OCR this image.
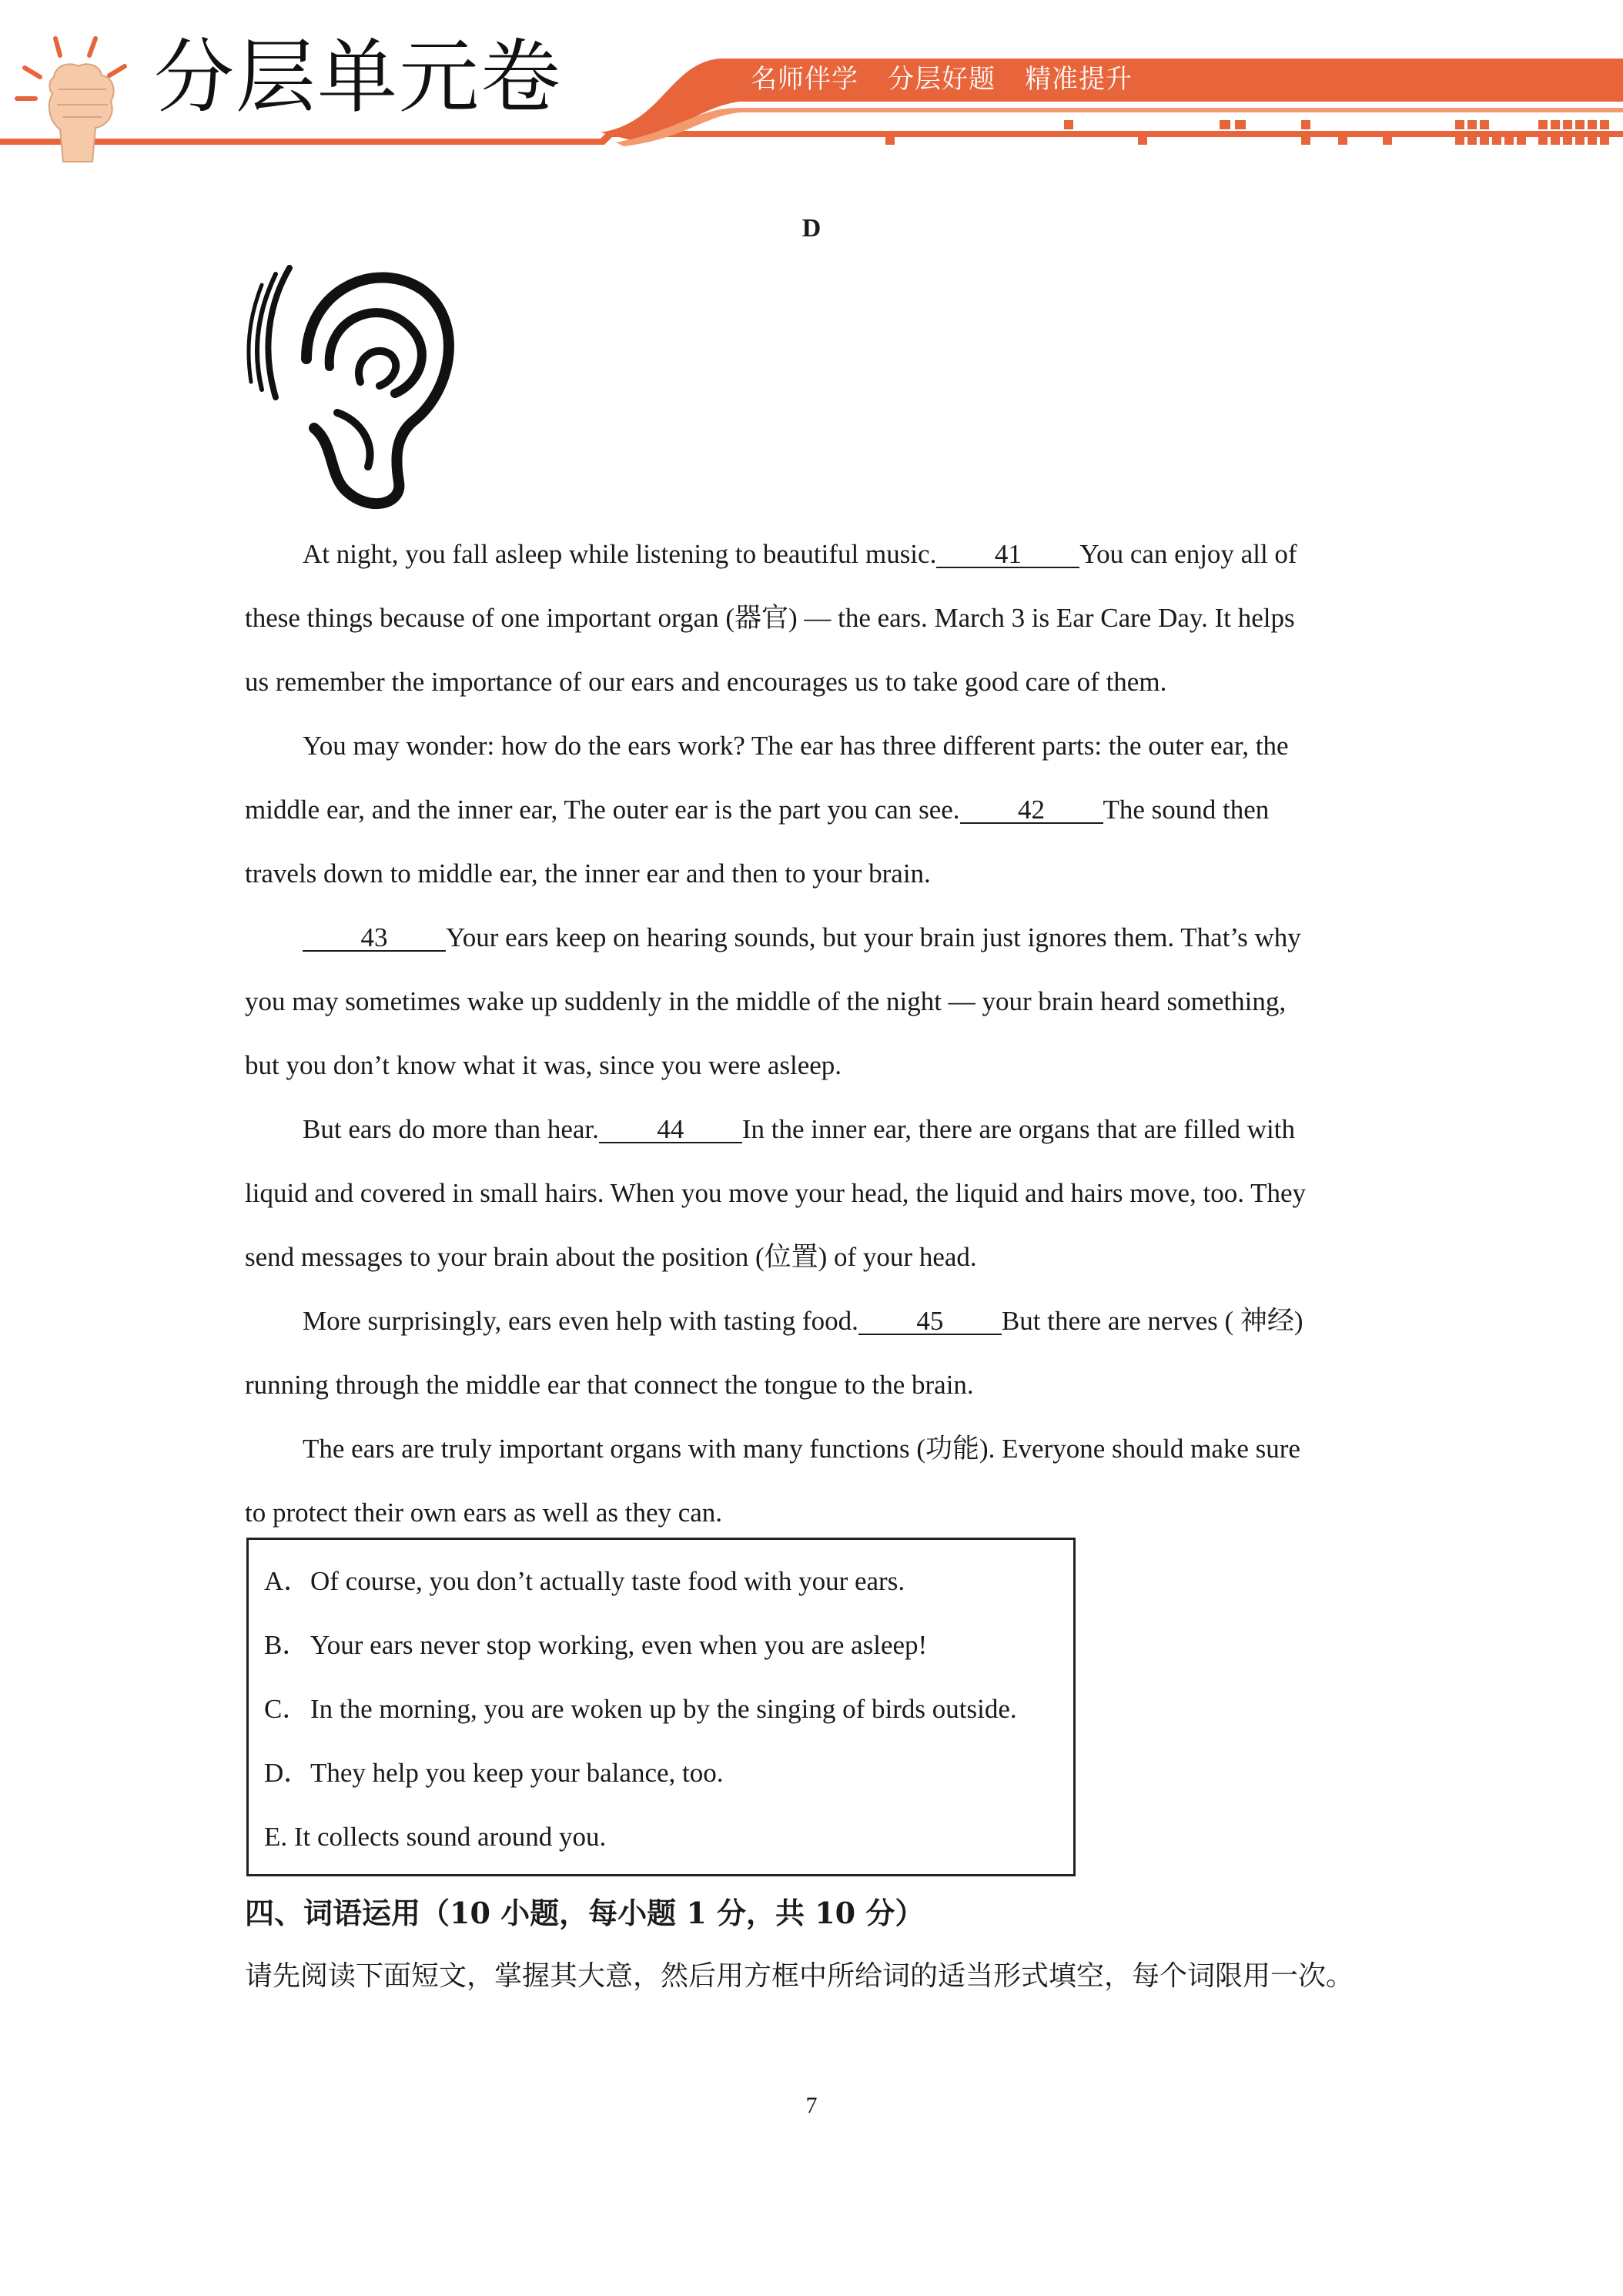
分层单元卷	名师伴学 分层好题 精准提升
D

At night, you fall asleep while listening to beautiful music. 41 You can enjoy all of

these things because of one important organ (器官) — the ears. March 3 is Ear Care Day. It helps

us remember the importance of our ears and encourages us to take good care of them.

You may wonder: how do the ears work? The ear has three different parts: the outer ear, the

middle ear, and the inner ear, The outer ear is the part you can see. 42 The sound then

travels down to middle ear, the inner ear and then to your brain.

43 Your ears keep on hearing sounds, but your brain just ignores them. That’s why

you may sometimes wake up suddenly in the middle of the night — your brain heard something,

but you don’t know what it was, since you were asleep.

But ears do more than hear. 44 In the inner ear, there are organs that are filled with

liquid and covered in small hairs. When you move your head, the liquid and hairs move, too. They

send messages to your brain about the position (位置) of your head.

More surprisingly, ears even help with tasting food. 45 But there are nerves ( 神经)

running through the middle ear that connect the tongue to the brain.

The ears are truly important organs with many functions (功能). Everyone should make sure

to protect their own ears as well as they can.

A．Of course, you don’t actually taste food with your ears.
B．Your ears never stop working, even when you are asleep!
C．In the morning, you are woken up by the singing of birds outside.
D．They help you keep your balance, too.
E. It collects sound around you.
四、词语运用（10 小题，每小题 1 分，共 10 分）
请先阅读下面短文，掌握其大意，然后用方框中所给词的适当形式填空，每个词限用一次。
7
